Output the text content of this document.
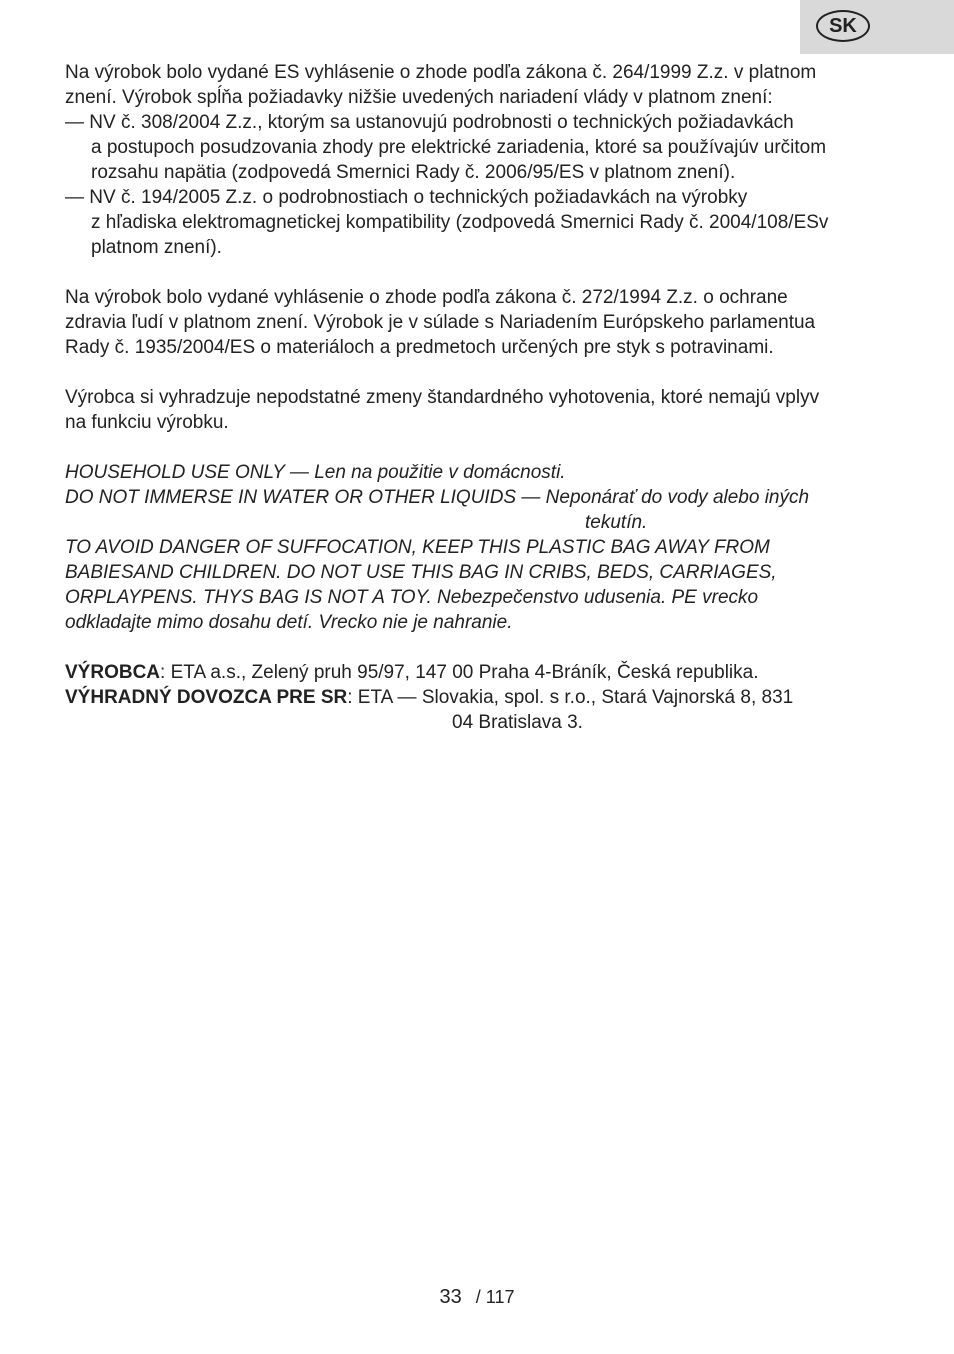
SK

Na výrobok bolo vydané ES vyhlásenie o zhode podľa zákona č. 264/1999 Z.z. v platnom

znení. Výrobok spĺňa požiadavky nižšie uvedených nariadení vlády v platnom znení:

— NV č. 308/2004 Z.z., ktorým sa ustanovujú podrobnosti o technických požiadavkách

a postupoch posudzovania zhody pre elektrické zariadenia, ktoré sa používajúv určitom

rozsahu napätia (zodpovedá Smernici Rady č. 2006/95/ES v platnom znení).

— NV č. 194/2005 Z.z. o podrobnostiach o technických požiadavkách na výrobky

z hľadiska elektromagnetickej kompatibility (zodpovedá Smernici Rady č. 2004/108/ESv

platnom znení).

Na výrobok bolo vydané vyhlásenie o zhode podľa zákona č. 272/1994 Z.z. o ochrane

zdravia ľudí v platnom znení. Výrobok je v súlade s Nariadením Európskeho parlamentua

Rady č. 1935/2004/ES o materiáloch a predmetoch určených pre styk s potravinami.

Výrobca si vyhradzuje nepodstatné zmeny štandardného vyhotovenia, ktoré nemajú vplyv

na funkciu výrobku.

HOUSEHOLD USE ONLY — Len na použitie v domácnosti.

DO NOT IMMERSE IN WATER OR OTHER LIQUIDS — Neponárať do vody alebo iných

tekutín.

TO AVOID DANGER OF SUFFOCATION, KEEP THIS PLASTIC BAG AWAY FROM

BABIESAND CHILDREN. DO NOT USE THIS BAG IN CRIBS, BEDS, CARRIAGES,

ORPLAYPENS. THYS BAG IS NOT A TOY. Nebezpečenstvo udusenia. PE vrecko

odkladajte mimo dosahu detí. Vrecko nie je nahranie.

VÝROBCA: ETA a.s., Zelený pruh 95/97, 147 00 Praha 4-Bráník, Česká republika.

VÝHRADNÝ DOVOZCA PRE SR: ETA — Slovakia, spol. s r.o., Stará Vajnorská 8, 831

04 Bratislava 3.

33 / 117
